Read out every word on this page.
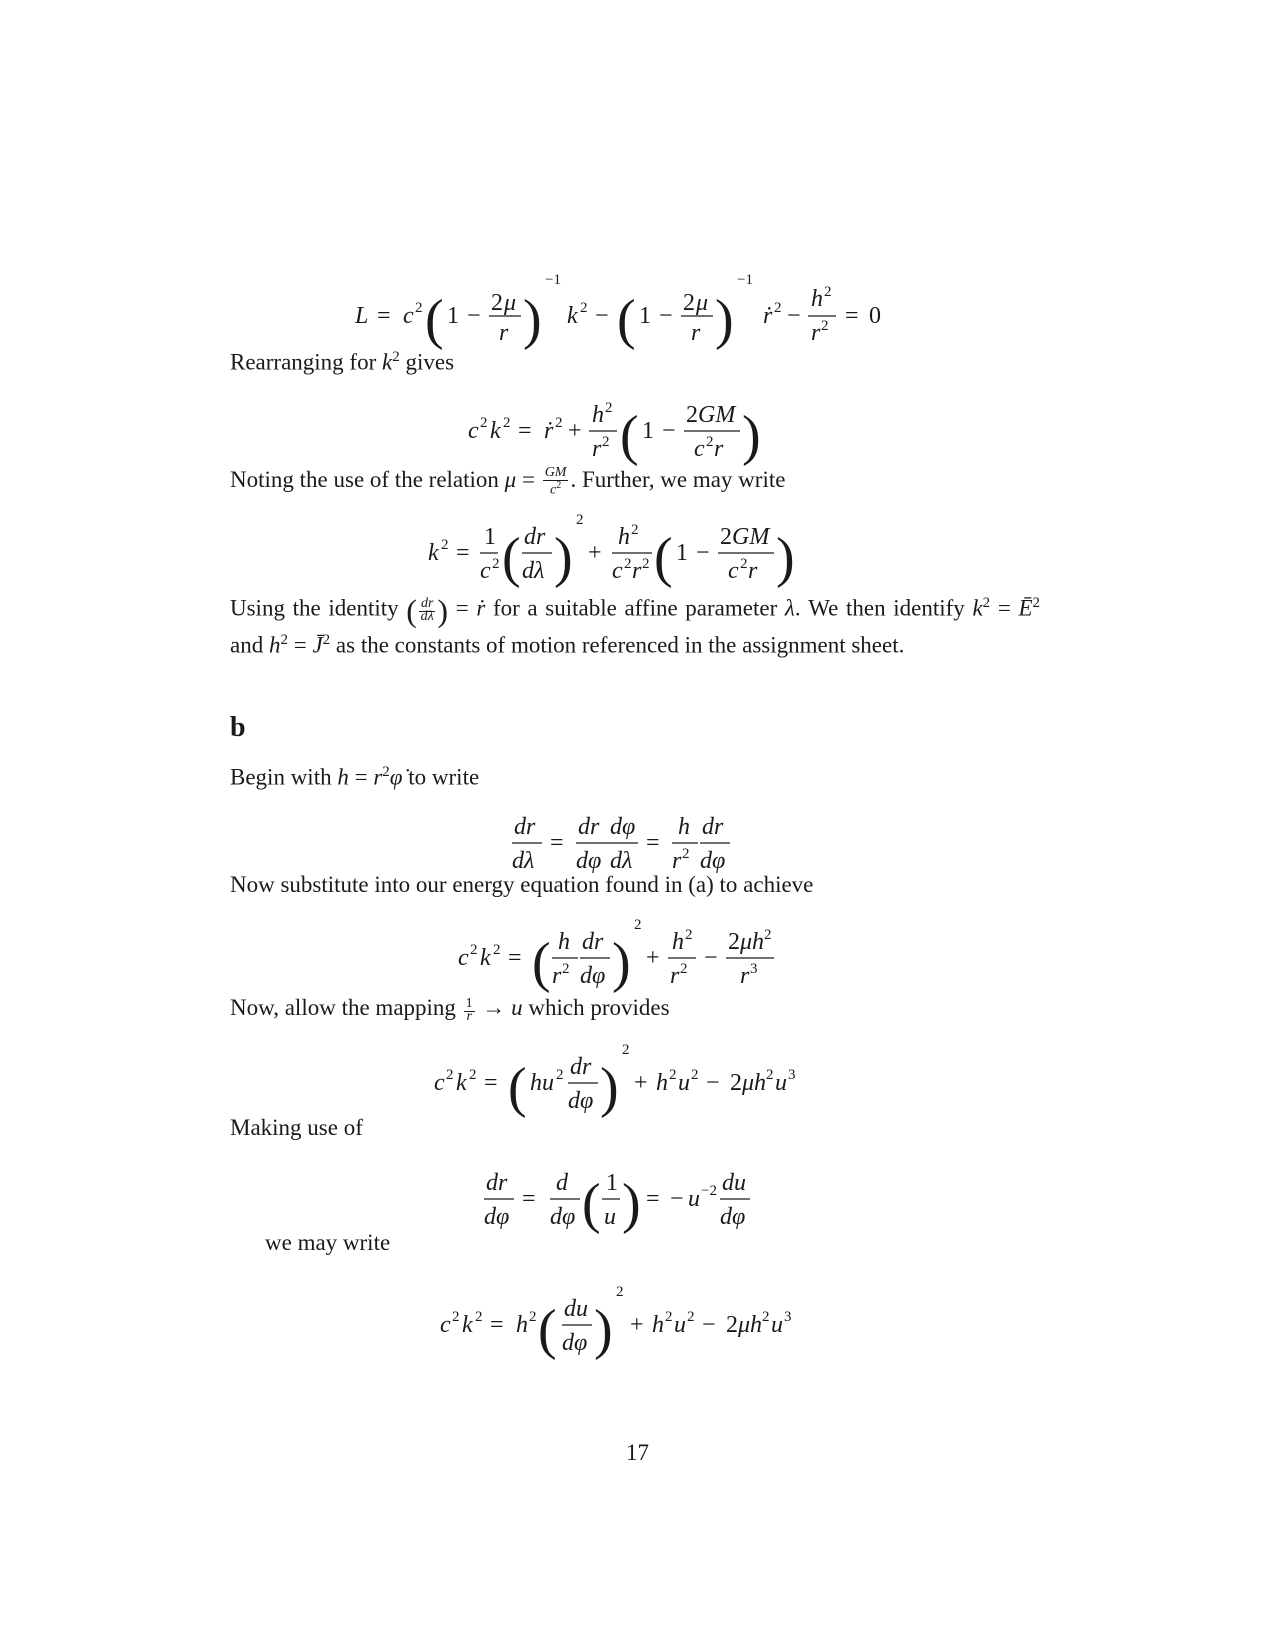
L = c 2 ( 1 − 2 μ
r )
−1
k 2 − ( 1 − 2 μ
r )
−1
ṙ 2 −
h 2
r 2 = 0
Rearranging for $k^2$ gives
c 2 k 2 = ṙ 2 +
h 2
r 2 ( 1 −
2 GM
c 2 r )
Noting the use of the relation μ = GM
$c^2$ . Further, we may write
k 2 =
1
c 2 ( dr
dλ )
2
+
h 2
c 2 r 2 ( 1 −
2 GM
c 2 r )
Using the identity ( $\frac{dr}{d\lambda}$) = ṙ for a suitable affine parameter λ. We then identify $k^2$ = $Ē^2$ and $h^2$ = J̄$^2$ as the constants of motion referenced in the assignment sheet.
b
Begin with $h = r^2\varphi̇$ to write
dr
dλ
=
dr
dφ
dφ
dλ
=
h
r 2
dr
dφ
Now substitute into our energy equation found in (a) to achieve
c 2 k 2 = ( h
r 2
dr
dφ )
2
+
h 2
r 2 −
2 μh 2
r 3
Now, allow the mapping $\frac{1}{r} \to u$ which provides
c 2 k 2 = ( hu 2 dr
dφ )
2
+ h 2 u 2 − 2 μh 2 u 3
Making use of
dr
dφ
=
d
dφ ( 1
u ) = − u −2 du
dφ
we may write
c 2 k 2 = h 2 ( du
dφ )
2
+ h 2 u 2 − 2 μh 2 u 3
17
